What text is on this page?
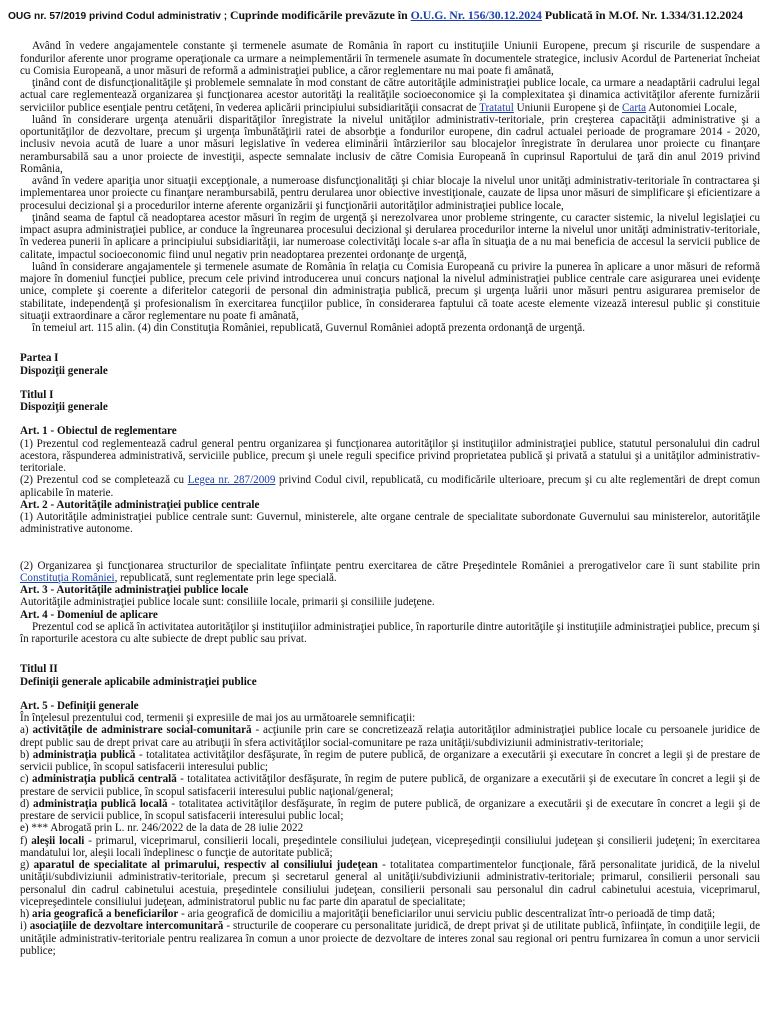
OUG nr. 57/2019 privind Codul administrativ ; Cuprinde modificările prevăzute în O.U.G. Nr. 156/30.12.2024 Publicată în M.Of. Nr. 1.334/31.12.2024

Având în vedere angajamentele constante şi termenele asumate de România în raport cu instituţiile Uniunii Europene, precum şi riscurile de suspendare a fondurilor aferente unor programe operaţionale ca urmare a neimplementării în termenele asumate în documentele strategice, inclusiv Acordul de Parteneriat încheiat cu Comisia Europeană, a unor măsuri de reformă a administraţiei publice, a căror reglementare nu mai poate fi amânată,

ţinând cont de disfuncţionalităţile şi problemele semnalate în mod constant de către autorităţile administraţiei publice locale, ca urmare a neadaptării cadrului legal actual care reglementează organizarea şi funcţionarea acestor autorităţi la realităţile socioeconomice şi la complexitatea şi dinamica activităţilor aferente furnizării serviciilor publice esenţiale pentru cetăţeni, în vederea aplicării principiului subsidiarităţii consacrat de Tratatul Uniunii Europene şi de Carta Autonomiei Locale,

luând în considerare urgenţa atenuării disparităţilor înregistrate la nivelul unităţilor administrativ-teritoriale, prin creşterea capacităţii administrative şi a oportunităţilor de dezvoltare, precum şi urgenţa îmbunătăţirii ratei de absorbţie a fondurilor europene, din cadrul actualei perioade de programare 2014 - 2020, inclusiv nevoia acută de luare a unor măsuri legislative în vederea eliminării întârzierilor sau blocajelor înregistrate în derularea unor proiecte cu finanţare nerambursabilă sau a unor proiecte de investiţii, aspecte semnalate inclusiv de către Comisia Europeană în cuprinsul Raportului de ţară din anul 2019 privind România,

având în vedere apariţia unor situaţii excepţionale, a numeroase disfuncţionalităţi şi chiar blocaje la nivelul unor unităţi administrativ-teritoriale în contractarea şi implementarea unor proiecte cu finanţare nerambursabilă, pentru derularea unor obiective investiţionale, cauzate de lipsa unor măsuri de simplificare şi eficientizare a procesului decizional şi a procedurilor interne aferente organizării şi funcţionării autorităţilor administraţiei publice locale,

ţinând seama de faptul că neadoptarea acestor măsuri în regim de urgenţă şi nerezolvarea unor probleme stringente, cu caracter sistemic, la nivelul legislaţiei cu impact asupra administraţiei publice, ar conduce la îngreunarea procesului decizional şi derularea procedurilor interne la nivelul unor unităţi administrativ-teritoriale, în vederea punerii în aplicare a principiului subsidiarităţii, iar numeroase colectivităţi locale s-ar afla în situaţia de a nu mai beneficia de accesul la servicii publice de calitate, impactul socioeconomic fiind unul negativ prin neadoptarea prezentei ordonanţe de urgenţă,

luând în considerare angajamentele şi termenele asumate de România în relaţia cu Comisia Europeană cu privire la punerea în aplicare a unor măsuri de reformă majore în domeniul funcţiei publice, precum cele privind introducerea unui concurs naţional la nivelul administraţiei publice centrale care asigurarea unei evidenţe unice, complete şi coerente a diferitelor categorii de personal din administraţia publică, precum şi urgenţa luării unor măsuri pentru asigurarea premiselor de stabilitate, independenţă şi profesionalism în exercitarea funcţiilor publice, în considerarea faptului că toate aceste elemente vizează interesul public şi constituie situaţii extraordinare a căror reglementare nu poate fi amânată,

în temeiul art. 115 alin. (4) din Constituţia României, republicată, Guvernul României adoptă prezenta ordonanţă de urgenţă.

Partea I

Dispoziţii generale

Titlul I

Dispoziţii generale

Art. 1 - Obiectul de reglementare

(1) Prezentul cod reglementează cadrul general pentru organizarea şi funcţionarea autorităţilor şi instituţiilor administraţiei publice, statutul personalului din cadrul acestora, răspunderea administrativă, serviciile publice, precum şi unele reguli specifice privind proprietatea publică şi privată a statului şi a unităţilor administrativ-teritoriale.

(2) Prezentul cod se completează cu Legea nr. 287/2009 privind Codul civil, republicată, cu modificările ulterioare, precum şi cu alte reglementări de drept comun aplicabile în materie.

Art. 2 - Autorităţile administraţiei publice centrale

(1) Autorităţile administraţiei publice centrale sunt: Guvernul, ministerele, alte organe centrale de specialitate subordonate Guvernului sau ministerelor, autorităţile administrative autonome.

(2) Organizarea şi funcţionarea structurilor de specialitate înfiinţate pentru exercitarea de către Preşedintele României a prerogativelor care îi sunt stabilite prin Constituţia României, republicată, sunt reglementate prin lege specială.

Art. 3 - Autorităţile administraţiei publice locale

Autorităţile administraţiei publice locale sunt: consiliile locale, primarii şi consiliile judeţene.

Art. 4 - Domeniul de aplicare

Prezentul cod se aplică în activitatea autorităţilor şi instituţiilor administraţiei publice, în raporturile dintre autorităţile şi instituţiile administraţiei publice, precum şi în raporturile acestora cu alte subiecte de drept public sau privat.

Titlul II

Definiţii generale aplicabile administraţiei publice

Art. 5 - Definiţii generale

În înţelesul prezentului cod, termenii şi expresiile de mai jos au următoarele semnificaţii:

a) activităţile de administrare social-comunitară - acţiunile prin care se concretizează relaţia autorităţilor administraţiei publice locale cu persoanele juridice de drept public sau de drept privat care au atribuţii în sfera activităţilor social-comunitare pe raza unităţii/subdiviziunii administrativ-teritoriale;

b) administraţia publică - totalitatea activităţilor desfăşurate, în regim de putere publică, de organizare a executării şi executare în concret a legii şi de prestare de servicii publice, în scopul satisfacerii interesului public;

c) administraţia publică centrală - totalitatea activităţilor desfăşurate, în regim de putere publică, de organizare a executării şi de executare în concret a legii şi de prestare de servicii publice, în scopul satisfacerii interesului public naţional/general;

d) administraţia publică locală - totalitatea activităţilor desfăşurate, în regim de putere publică, de organizare a executării şi de executare în concret a legii şi de prestare de servicii publice, în scopul satisfacerii interesului public local;

e) *** Abrogată prin L. nr. 246/2022 de la data de 28 iulie 2022

f) aleşii locali - primarul, viceprimarul, consilierii locali, preşedintele consiliului judeţean, vicepreşedinţii consiliului judeţean şi consilierii judeţeni; în exercitarea mandatului lor, aleşii locali îndeplinesc o funcţie de autoritate publică;

g) aparatul de specialitate al primarului, respectiv al consiliului judeţean - totalitatea compartimentelor funcţionale, fără personalitate juridică, de la nivelul unităţii/subdiviziunii administrativ-teritoriale, precum şi secretarul general al unităţii/subdiviziunii administrativ-teritoriale; primarul, consilierii personali sau personalul din cadrul cabinetului acestuia, preşedintele consiliului judeţean, consilierii personali sau personalul din cadrul cabinetului acestuia, viceprimarul, vicepreşedintele consiliului judeţean, administratorul public nu fac parte din aparatul de specialitate;

h) aria geografică a beneficiarilor - aria geografică de domiciliu a majorităţii beneficiarilor unui serviciu public descentralizat într-o perioadă de timp dată;

i) asociaţiile de dezvoltare intercomunitară - structurile de cooperare cu personalitate juridică, de drept privat şi de utilitate publică, înfiinţate, în condiţiile legii, de unităţile administrativ-teritoriale pentru realizarea în comun a unor proiecte de dezvoltare de interes zonal sau regional ori pentru furnizarea în comun a unor servicii publice;
